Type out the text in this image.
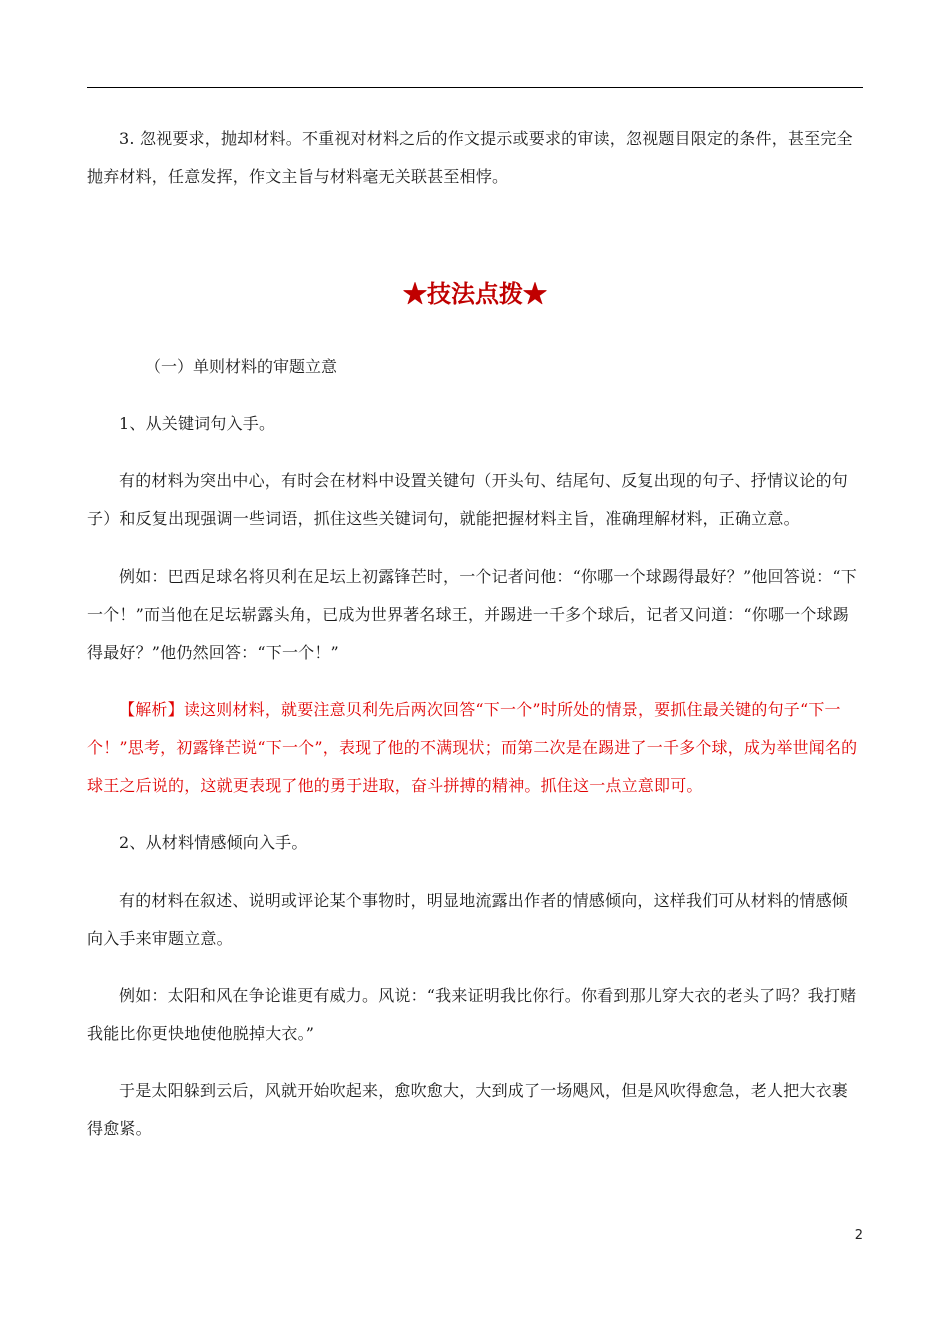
3. 忽视要求，抛却材料。不重视对材料之后的作文提示或要求的审读，忽视题目限定的条件，甚至完全抛弃材料，任意发挥，作文主旨与材料毫无关联甚至相悖。

★技法点拨★

（一）单则材料的审题立意

1、从关键词句入手。

有的材料为突出中心，有时会在材料中设置关键句（开头句、结尾句、反复出现的句子、抒情议论的句子）和反复出现强调一些词语，抓住这些关键词句，就能把握材料主旨，准确理解材料，正确立意。

例如：巴西足球名将贝利在足坛上初露锋芒时，一个记者问他：“你哪一个球踢得最好？”他回答说：“下一个！”而当他在足坛崭露头角，已成为世界著名球王，并踢进一千多个球后，记者又问道：“你哪一个球踢得最好？”他仍然回答：“下一个！”

【解析】读这则材料，就要注意贝利先后两次回答“下一个”时所处的情景，要抓住最关键的句子“下一个！”思考，初露锋芒说“下一个”，表现了他的不满现状；而第二次是在踢进了一千多个球，成为举世闻名的球王之后说的，这就更表现了他的勇于进取，奋斗拼搏的精神。抓住这一点立意即可。

2、从材料情感倾向入手。

有的材料在叙述、说明或评论某个事物时，明显地流露出作者的情感倾向，这样我们可从材料的情感倾向入手来审题立意。

例如：太阳和风在争论谁更有威力。风说：“我来证明我比你行。你看到那儿穿大衣的老头了吗？我打赌我能比你更快地使他脱掉大衣。”

于是太阳躲到云后，风就开始吹起来，愈吹愈大，大到成了一场飓风，但是风吹得愈急，老人把大衣裹得愈紧。

2
